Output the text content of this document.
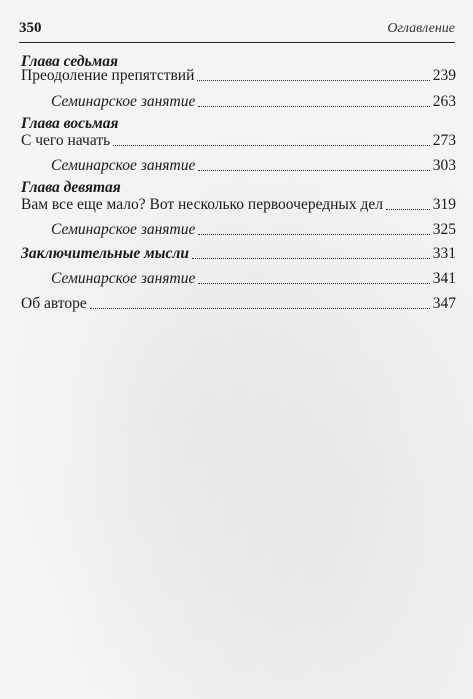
350	Оглавление
Глава седьмая
Преодоление препятствий	239
Семинарское занятие	263
Глава восьмая
С чего начать	273
Семинарское занятие	303
Глава девятая
Вам все еще мало? Вот несколько первоочередных дел	319
Семинарское занятие	325
Заключительные мысли	331
Семинарское занятие	341
Об авторе	347
